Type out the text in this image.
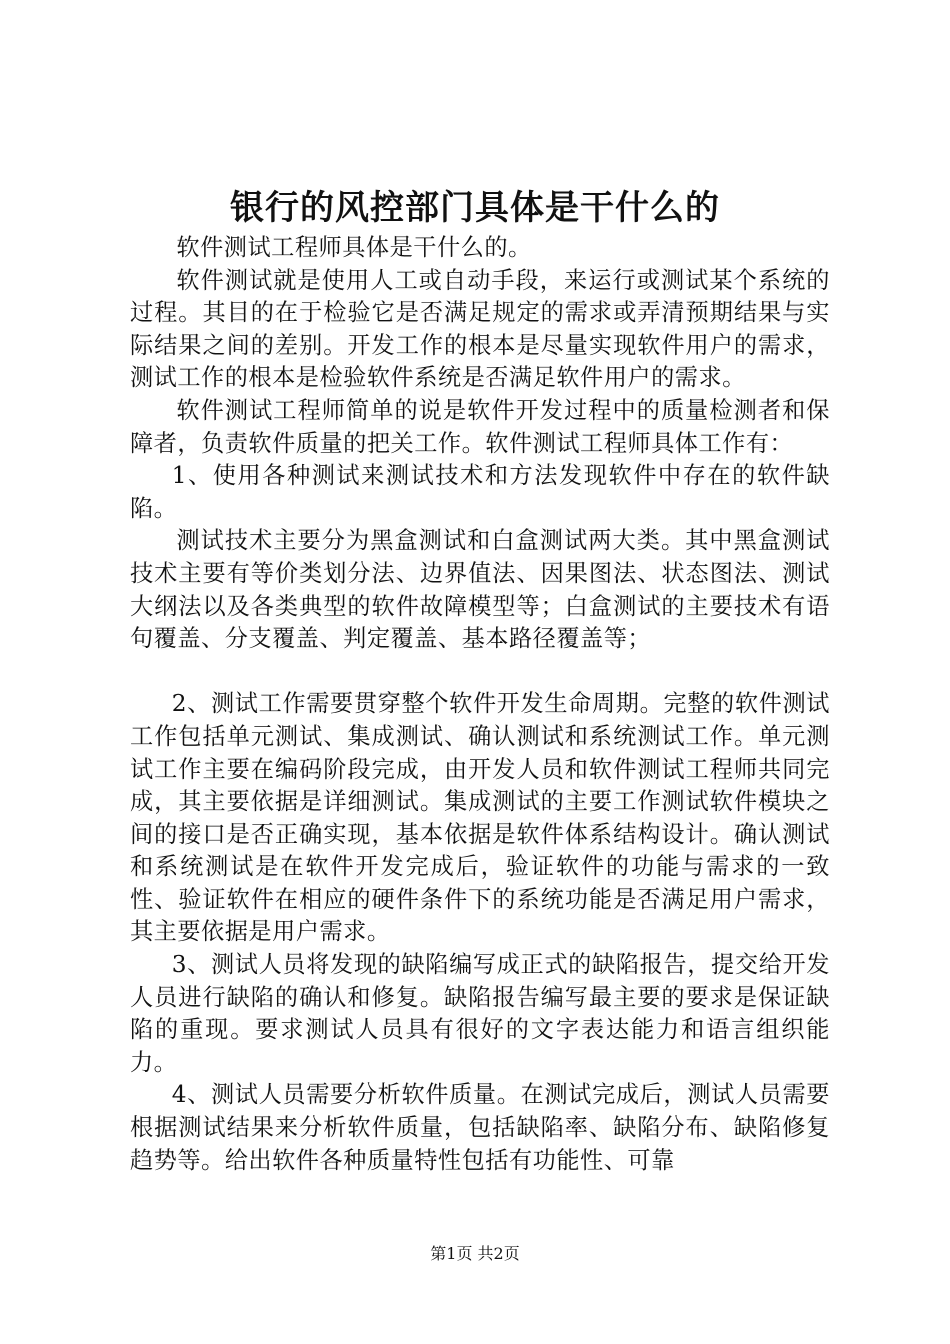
银行的风控部门具体是干什么的

软件测试工程师具体是干什么的。

软件测试就是使用人工或自动手段，来运行或测试某个系统的过程。其目的在于检验它是否满足规定的需求或弄清预期结果与实际结果之间的差别。开发工作的根本是尽量实现软件用户的需求，测试工作的根本是检验软件系统是否满足软件用户的需求。

软件测试工程师简单的说是软件开发过程中的质量检测者和保障者，负责软件质量的把关工作。软件测试工程师具体工作有：

1、使用各种测试来测试技术和方法发现软件中存在的软件缺陷。

测试技术主要分为黑盒测试和白盒测试两大类。其中黑盒测试技术主要有等价类划分法、边界值法、因果图法、状态图法、测试大纲法以及各类典型的软件故障模型等；白盒测试的主要技术有语句覆盖、分支覆盖、判定覆盖、基本路径覆盖等；

2、测试工作需要贯穿整个软件开发生命周期。完整的软件测试工作包括单元测试、集成测试、确认测试和系统测试工作。单元测试工作主要在编码阶段完成，由开发人员和软件测试工程师共同完成，其主要依据是详细测试。集成测试的主要工作测试软件模块之间的接口是否正确实现，基本依据是软件体系结构设计。确认测试和系统测试是在软件开发完成后，验证软件的功能与需求的一致性、验证软件在相应的硬件条件下的系统功能是否满足用户需求，其主要依据是用户需求。

3、测试人员将发现的缺陷编写成正式的缺陷报告，提交给开发人员进行缺陷的确认和修复。缺陷报告编写最主要的要求是保证缺陷的重现。要求测试人员具有很好的文字表达能力和语言组织能力。

4、测试人员需要分析软件质量。在测试完成后，测试人员需要根据测试结果来分析软件质量，包括缺陷率、缺陷分布、缺陷修复趋势等。给出软件各种质量特性包括有功能性、可靠

第1页 共2页
